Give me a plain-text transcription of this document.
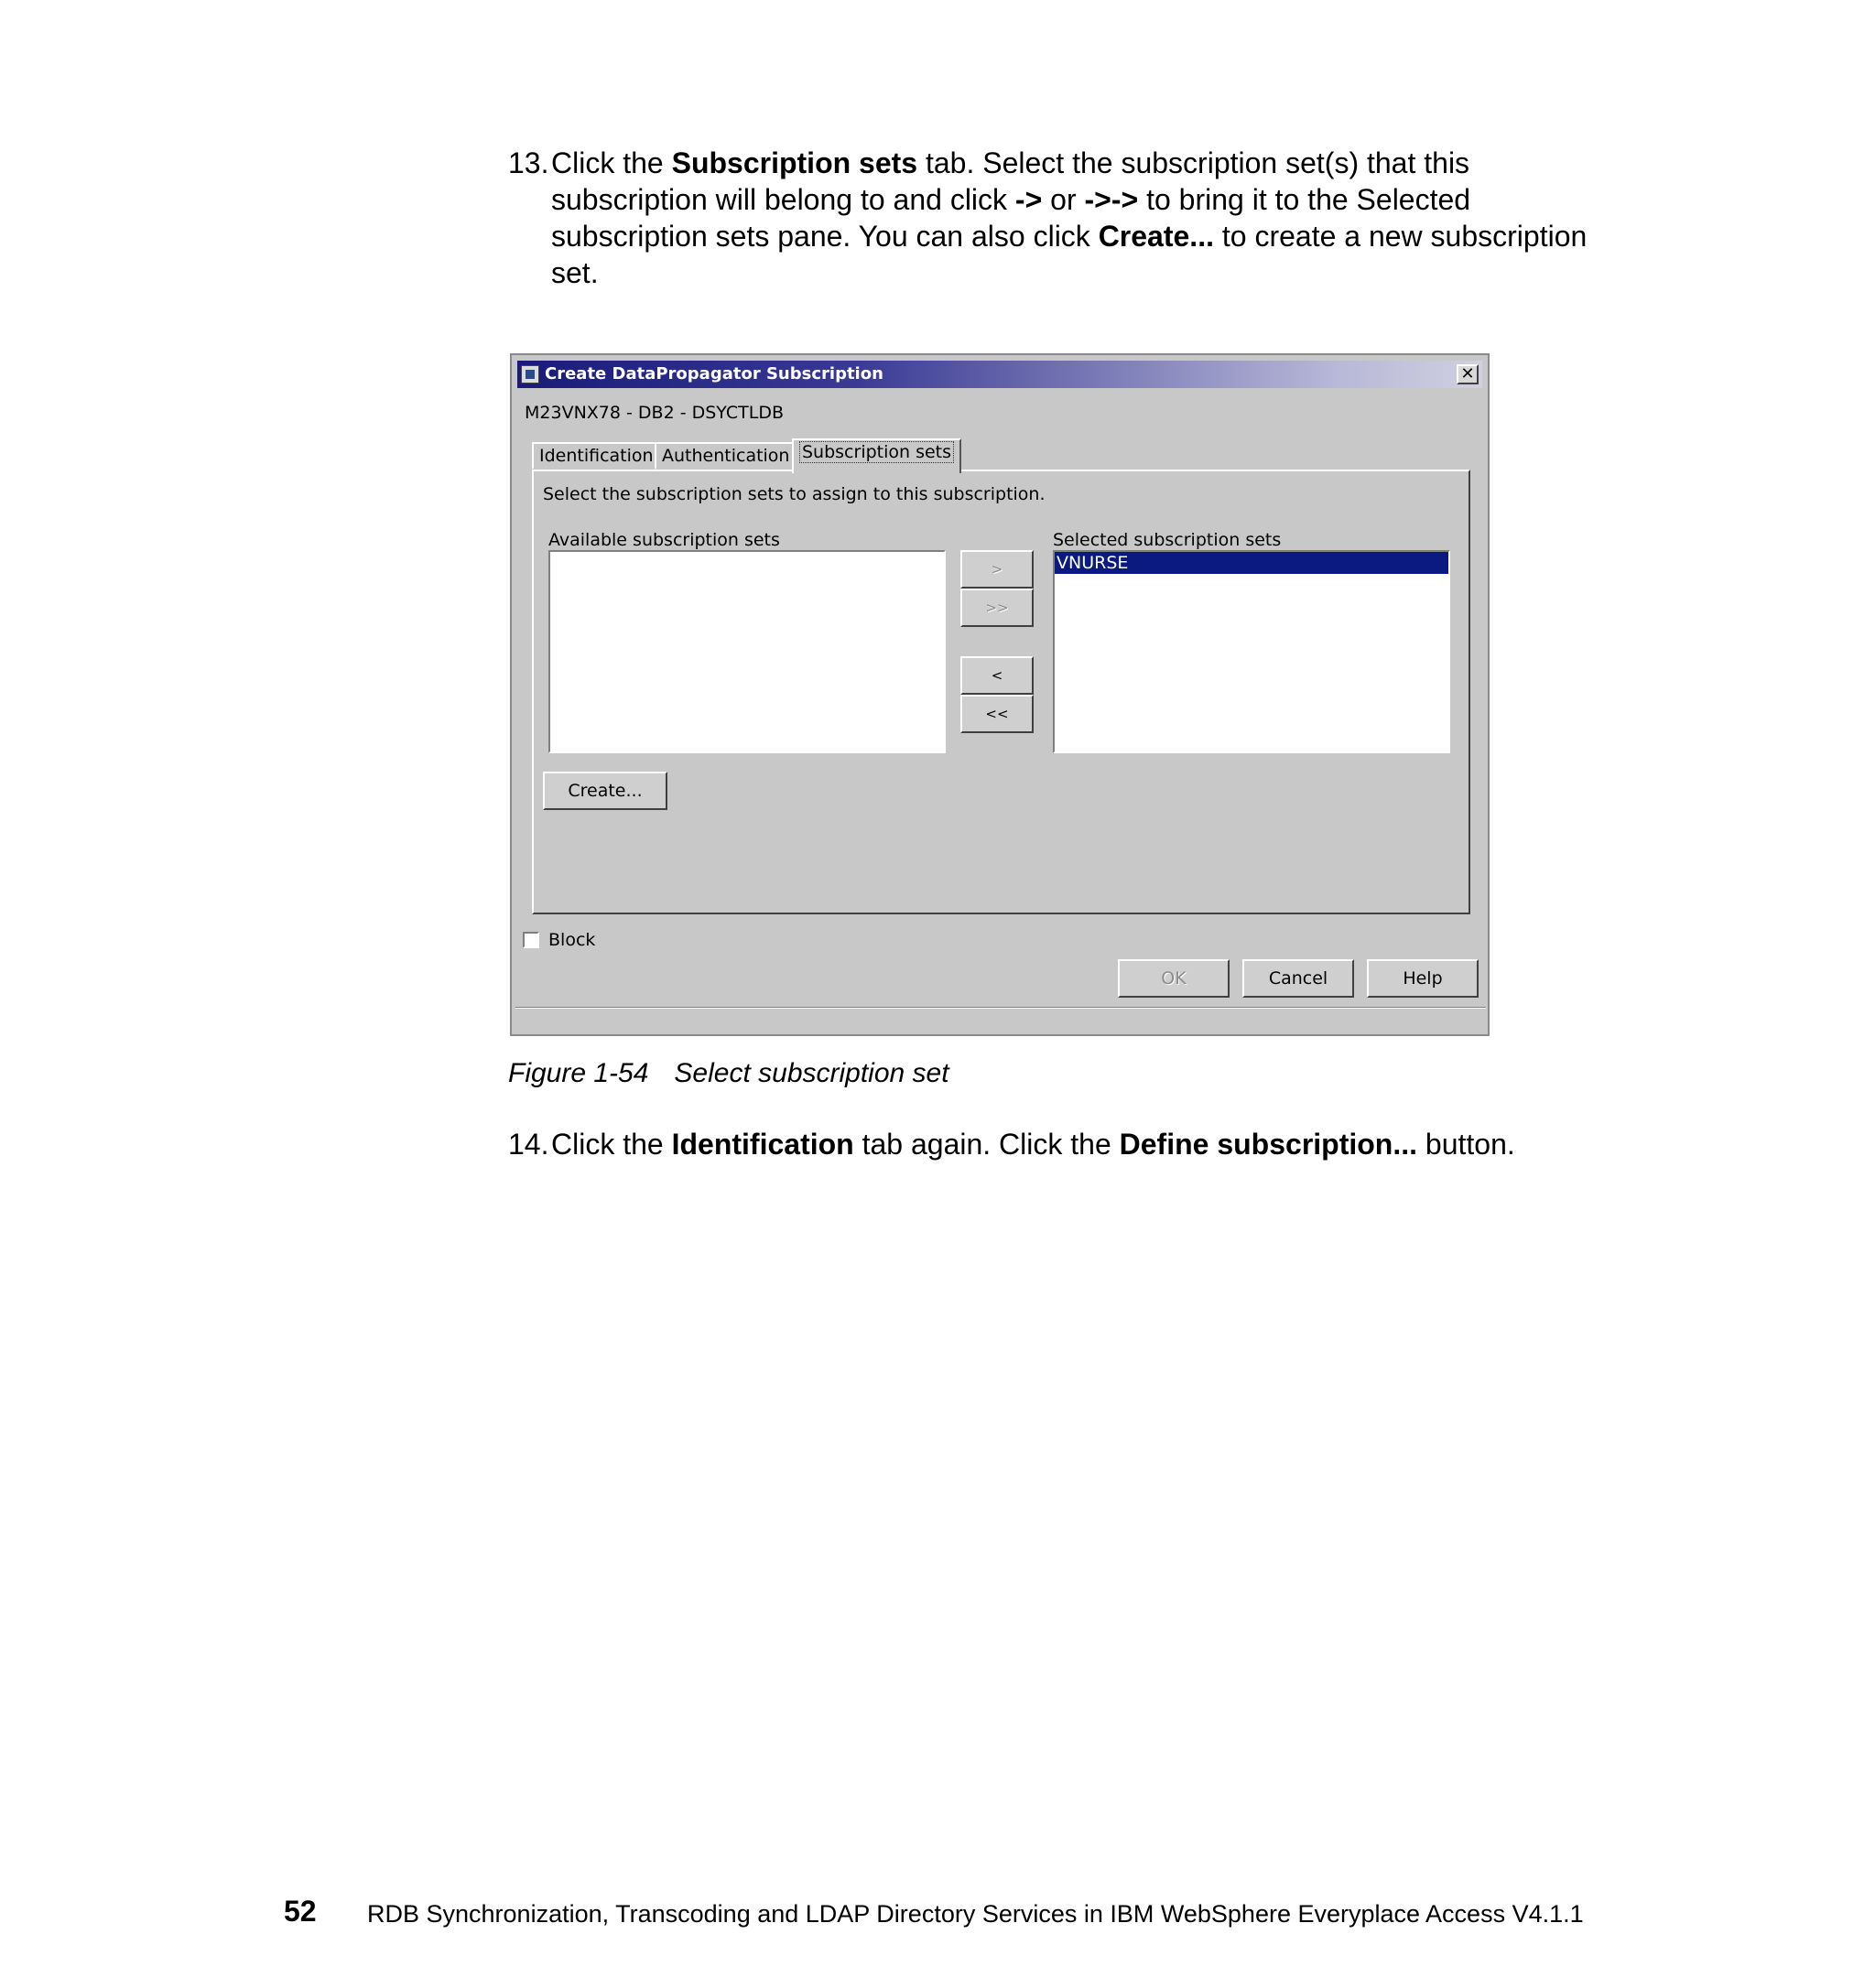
13. Click the Subscription sets tab. Select the subscription set(s) that this subscription will belong to and click -> or ->-> to bring it to the Selected subscription sets pane. You can also click Create... to create a new subscription set.
Create DataPropagator Subscription	✕
M23VNX78 - DB2 - DSYCTLDB
Identification Authentication Subscription sets
Select the subscription sets to assign to this subscription.
Available subscription sets
>
>>
<
<<
Selected subscription sets
VNURSE
Create...
Block
OK	Cancel	Help
Figure 1-54 Select subscription set
14. Click the Identification tab again. Click the Define subscription... button.
52 RDB Synchronization, Transcoding and LDAP Directory Services in IBM WebSphere Everyplace Access V4.1.1
